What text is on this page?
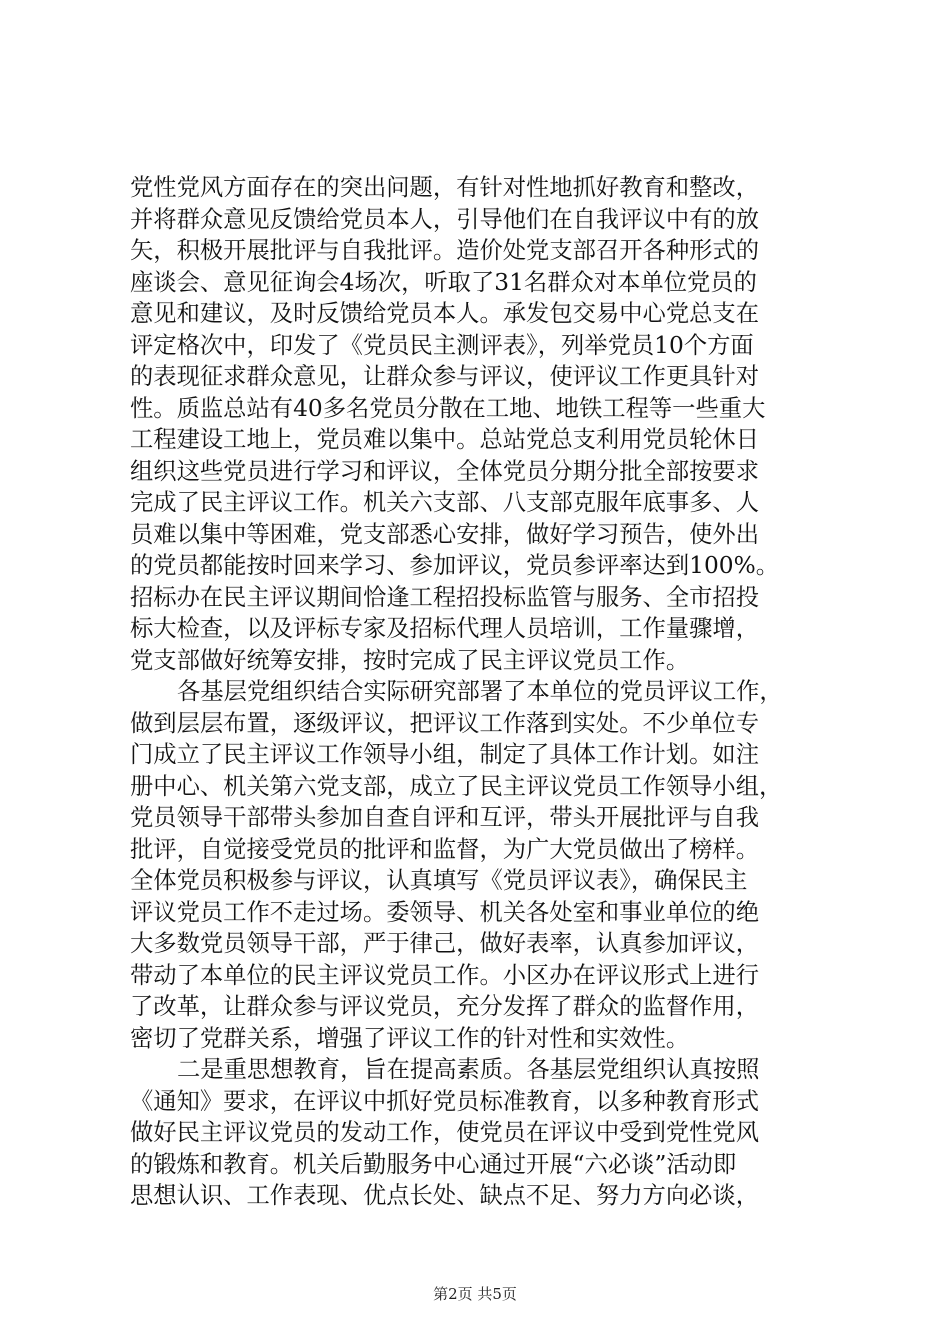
党性党风方面存在的突出问题，有针对性地抓好教育和整改，
并将群众意见反馈给党员本人，引导他们在自我评议中有的放
矢，积极开展批评与自我批评。造价处党支部召开各种形式的
座谈会、意见征询会4场次，听取了31名群众对本单位党员的
意见和建议，及时反馈给党员本人。承发包交易中心党总支在
评定格次中，印发了《党员民主测评表》，列举党员10个方面
的表现征求群众意见，让群众参与评议，使评议工作更具针对
性。质监总站有40多名党员分散在工地、地铁工程等一些重大
工程建设工地上，党员难以集中。总站党总支利用党员轮休日
组织这些党员进行学习和评议，全体党员分期分批全部按要求
完成了民主评议工作。机关六支部、八支部克服年底事多、人
员难以集中等困难，党支部悉心安排，做好学习预告，使外出
的党员都能按时回来学习、参加评议，党员参评率达到100%。
招标办在民主评议期间恰逢工程招投标监管与服务、全市招投
标大检查，以及评标专家及招标代理人员培训，工作量骤增，
党支部做好统筹安排，按时完成了民主评议党员工作。
各基层党组织结合实际研究部署了本单位的党员评议工作，
做到层层布置，逐级评议，把评议工作落到实处。不少单位专
门成立了民主评议工作领导小组，制定了具体工作计划。如注
册中心、机关第六党支部，成立了民主评议党员工作领导小组，
党员领导干部带头参加自查自评和互评，带头开展批评与自我
批评，自觉接受党员的批评和监督，为广大党员做出了榜样。
全体党员积极参与评议，认真填写《党员评议表》，确保民主
评议党员工作不走过场。委领导、机关各处室和事业单位的绝
大多数党员领导干部，严于律己，做好表率，认真参加评议，
带动了本单位的民主评议党员工作。小区办在评议形式上进行
了改革，让群众参与评议党员，充分发挥了群众的监督作用，
密切了党群关系，增强了评议工作的针对性和实效性。
二是重思想教育，旨在提高素质。各基层党组织认真按照
《通知》要求，在评议中抓好党员标准教育，以多种教育形式
做好民主评议党员的发动工作，使党员在评议中受到党性党风
的锻炼和教育。机关后勤服务中心通过开展“六必谈”活动即
思想认识、工作表现、优点长处、缺点不足、努力方向必谈，
第2页 共5页
